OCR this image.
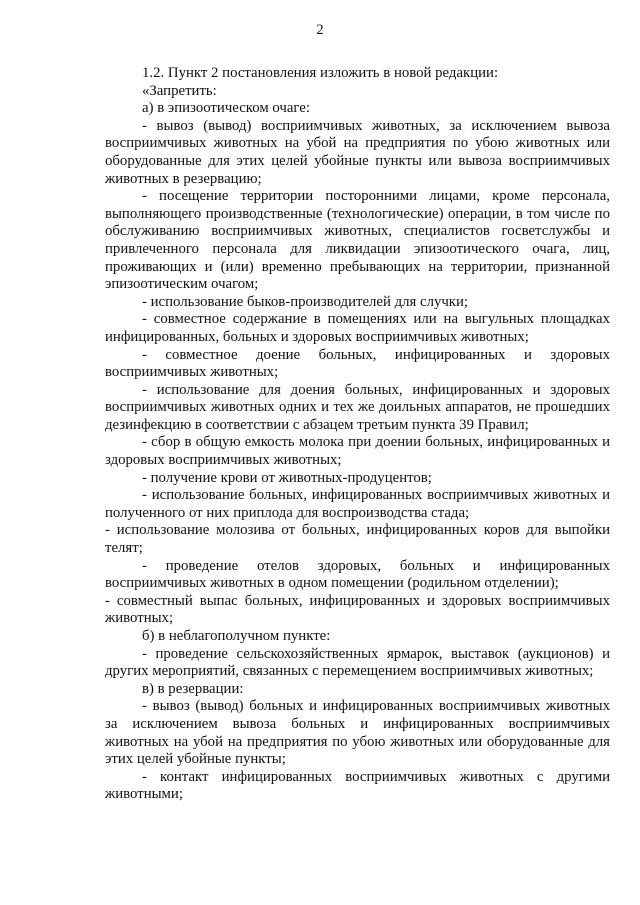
2

1.2. Пункт 2 постановления изложить в новой редакции:

«Запретить:

а) в эпизоотическом очаге:

- вывоз (вывод) восприимчивых животных, за исключением вывоза восприимчивых животных на убой на предприятия по убою животных или оборудованные для этих целей убойные пункты или вывоза восприимчивых животных в резервацию;

- посещение территории посторонними лицами, кроме персонала, выполняющего производственные (технологические) операции, в том числе по обслуживанию восприимчивых животных, специалистов госветслужбы и привлеченного персонала для ликвидации эпизоотического очага, лиц, проживающих и (или) временно пребывающих на территории, признанной эпизоотическим очагом;

- использование быков-производителей для случки;

- совместное содержание в помещениях или на выгульных площадках инфицированных, больных и здоровых восприимчивых животных;

- совместное доение больных, инфицированных и здоровых восприимчивых животных;

- использование для доения больных, инфицированных и здоровых восприимчивых животных одних и тех же доильных аппаратов, не прошедших дезинфекцию в соответствии с абзацем третьим пункта 39 Правил;

- сбор в общую емкость молока при доении больных, инфицированных и здоровых восприимчивых животных;

- получение крови от животных-продуцентов;

- использование больных, инфицированных восприимчивых животных и полученного от них приплода для воспроизводства стада;

- использование молозива от больных, инфицированных коров для выпойки телят;

- проведение отелов здоровых, больных и инфицированных восприимчивых животных в одном помещении (родильном отделении);

- совместный выпас больных, инфицированных и здоровых восприимчивых животных;

б) в неблагополучном пункте:

- проведение сельскохозяйственных ярмарок, выставок (аукционов) и других мероприятий, связанных с перемещением восприимчивых животных;

в) в резервации:

- вывоз (вывод) больных и инфицированных восприимчивых животных за исключением вывоза больных и инфицированных восприимчивых животных на убой на предприятия по убою животных или оборудованные для этих целей убойные пункты;

- контакт инфицированных восприимчивых животных с другими животными;
